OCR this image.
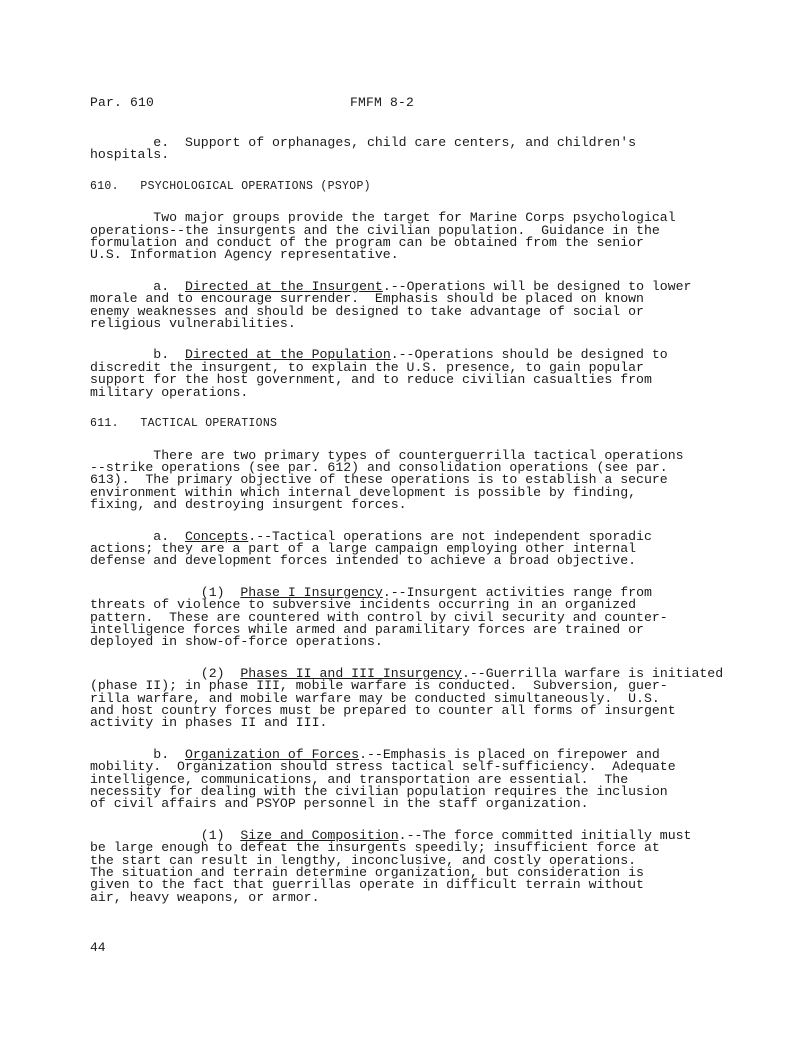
Par. 610	FMFM 8-2
e.  Support of orphanages, child care centers, and children's
hospitals.
610.   PSYCHOLOGICAL OPERATIONS (PSYOP)
Two major groups provide the target for Marine Corps psychological
operations--the insurgents and the civilian population.  Guidance in the
formulation and conduct of the program can be obtained from the senior
U.S. Information Agency representative.
a.  Directed at the Insurgent.--Operations will be designed to lower
morale and to encourage surrender.  Emphasis should be placed on known
enemy weaknesses and should be designed to take advantage of social or
religious vulnerabilities.
b.  Directed at the Population.--Operations should be designed to
discredit the insurgent, to explain the U.S. presence, to gain popular
support for the host government, and to reduce civilian casualties from
military operations.
611.   TACTICAL OPERATIONS
There are two primary types of counterguerrilla tactical operations
--strike operations (see par. 612) and consolidation operations (see par.
613).  The primary objective of these operations is to establish a secure
environment within which internal development is possible by finding,
fixing, and destroying insurgent forces.
a.  Concepts.--Tactical operations are not independent sporadic
actions; they are a part of a large campaign employing other internal
defense and development forces intended to achieve a broad objective.
(1)  Phase I Insurgency.--Insurgent activities range from
threats of violence to subversive incidents occurring in an organized
pattern.  These are countered with control by civil security and counter-
intelligence forces while armed and paramilitary forces are trained or
deployed in show-of-force operations.
(2)  Phases II and III Insurgency.--Guerrilla warfare is initiated
(phase II); in phase III, mobile warfare is conducted.  Subversion, guer-
rilla warfare, and mobile warfare may be conducted simultaneously.  U.S.
and host country forces must be prepared to counter all forms of insurgent
activity in phases II and III.
b.  Organization of Forces.--Emphasis is placed on firepower and
mobility.  Organization should stress tactical self-sufficiency.  Adequate
intelligence, communications, and transportation are essential.  The
necessity for dealing with the civilian population requires the inclusion
of civil affairs and PSYOP personnel in the staff organization.
(1)  Size and Composition.--The force committed initially must
be large enough to defeat the insurgents speedily; insufficient force at
the start can result in lengthy, inconclusive, and costly operations.
The situation and terrain determine organization, but consideration is
given to the fact that guerrillas operate in difficult terrain without
air, heavy weapons, or armor.
44
